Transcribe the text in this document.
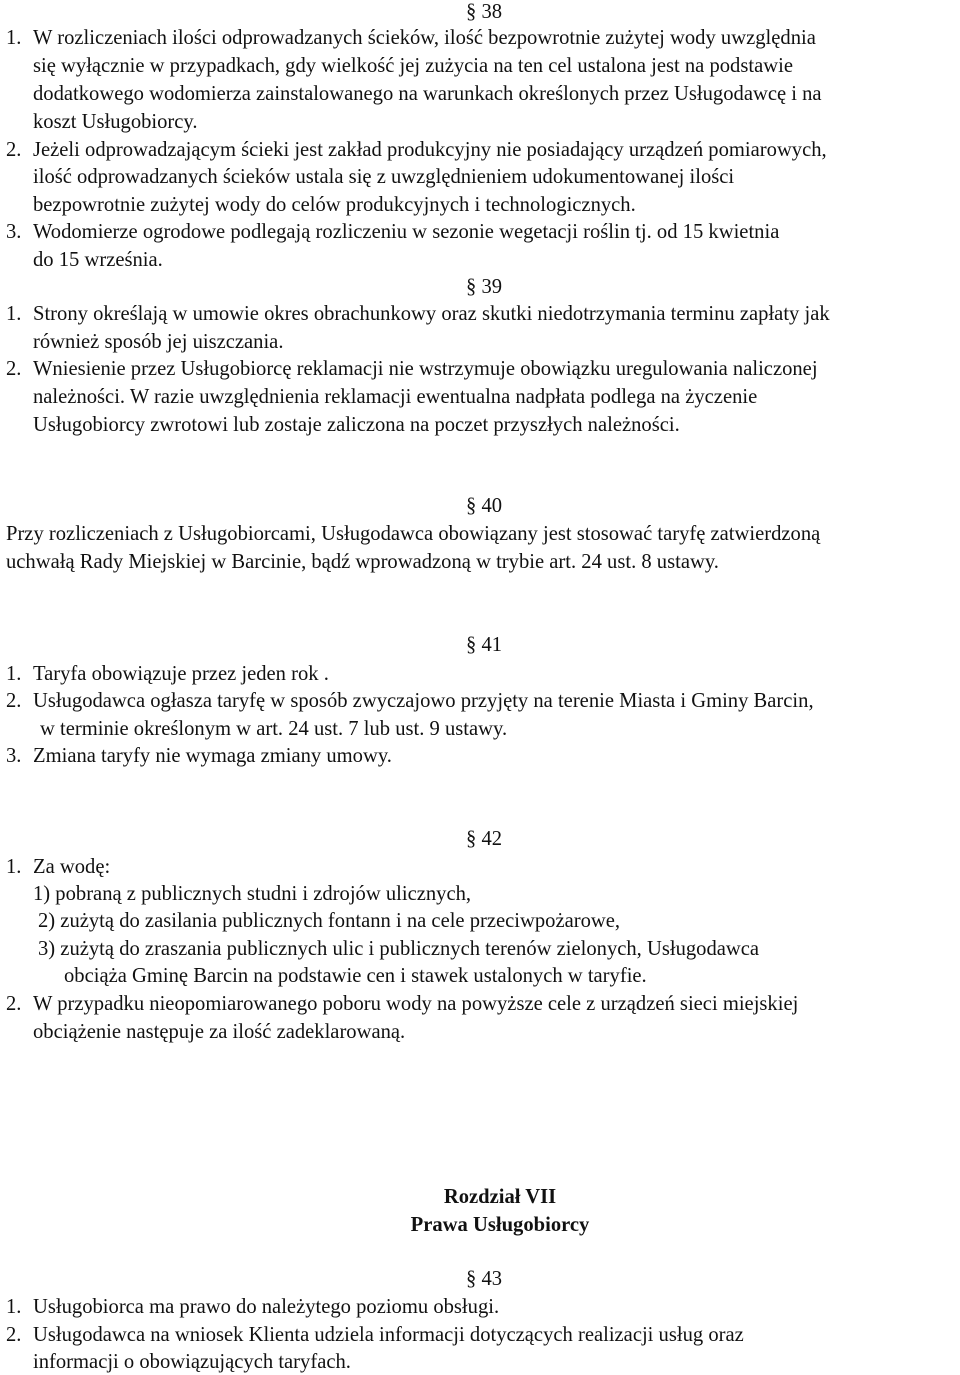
§ 38
1. W rozliczeniach ilości odprowadzanych ścieków, ilość bezpowrotnie zużytej wody uwzględnia
się wyłącznie w przypadkach, gdy wielkość jej zużycia na ten cel ustalona jest na podstawie
dodatkowego wodomierza zainstalowanego na warunkach określonych przez Usługodawcę i na
koszt Usługobiorcy.
2. Jeżeli odprowadzającym ścieki jest zakład produkcyjny nie posiadający urządzeń pomiarowych,
ilość odprowadzanych ścieków ustala się z uwzględnieniem udokumentowanej ilości
bezpowrotnie zużytej wody do celów produkcyjnych i technologicznych.
3. Wodomierze ogrodowe podlegają rozliczeniu w sezonie wegetacji roślin tj. od 15 kwietnia
do 15 września.
§ 39
1. Strony określają w umowie okres obrachunkowy oraz skutki niedotrzymania terminu zapłaty jak
również sposób jej uiszczania.
2. Wniesienie przez Usługobiorcę reklamacji nie wstrzymuje obowiązku uregulowania naliczonej
należności. W razie uwzględnienia reklamacji ewentualna nadpłata podlega na życzenie
Usługobiorcy zwrotowi lub zostaje zaliczona na poczet przyszłych należności.
§ 40
Przy rozliczeniach z Usługobiorcami, Usługodawca obowiązany jest stosować taryfę zatwierdzoną
uchwałą Rady Miejskiej w Barcinie, bądź wprowadzoną w trybie art. 24 ust. 8 ustawy.
§ 41
1. Taryfa obowiązuje przez jeden rok .
2. Usługodawca ogłasza taryfę w sposób zwyczajowo przyjęty na terenie Miasta i Gminy Barcin,
w terminie określonym w art. 24 ust. 7 lub ust. 9 ustawy.
3. Zmiana taryfy nie wymaga zmiany umowy.
§ 42
1. Za wodę:
1) pobraną z publicznych studni i zdrojów ulicznych,
2) zużytą do zasilania publicznych fontann i na cele przeciwpożarowe,
3) zużytą do zraszania publicznych ulic i publicznych terenów zielonych, Usługodawca
obciąża Gminę Barcin na podstawie cen i stawek ustalonych w taryfie.
2. W przypadku nieopomiarowanego poboru wody na powyższe cele z urządzeń sieci miejskiej
obciążenie następuje za ilość zadeklarowaną.
Rozdział VII
Prawa Usługobiorcy
§ 43
1. Usługobiorca ma prawo do należytego poziomu obsługi.
2. Usługodawca na wniosek Klienta udziela informacji dotyczących realizacji usług oraz
informacji o obowiązujących taryfach.
